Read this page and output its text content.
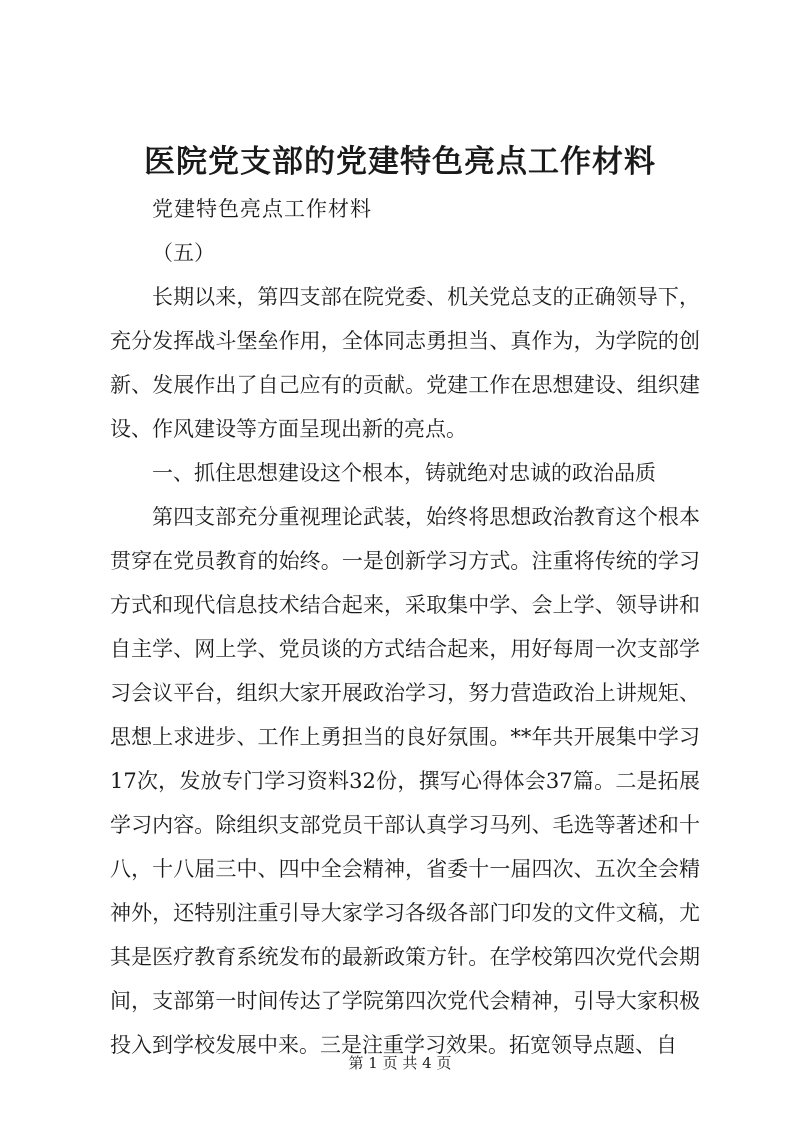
医院党支部的党建特色亮点工作材料

党建特色亮点工作材料

（五）

长期以来，第四支部在院党委、机关党总支的正确领导下，充分发挥战斗堡垒作用，全体同志勇担当、真作为，为学院的创新、发展作出了自己应有的贡献。党建工作在思想建设、组织建设、作风建设等方面呈现出新的亮点。

一、抓住思想建设这个根本，铸就绝对忠诚的政治品质

第四支部充分重视理论武装，始终将思想政治教育这个根本贯穿在党员教育的始终。一是创新学习方式。注重将传统的学习方式和现代信息技术结合起来，采取集中学、会上学、领导讲和自主学、网上学、党员谈的方式结合起来，用好每周一次支部学习会议平台，组织大家开展政治学习，努力营造政治上讲规矩、思想上求进步、工作上勇担当的良好氛围。**年共开展集中学习17次，发放专门学习资料32份，撰写心得体会37篇。二是拓展学习内容。除组织支部党员干部认真学习马列、毛选等著述和十八，十八届三中、四中全会精神，省委十一届四次、五次全会精神外，还特别注重引导大家学习各级各部门印发的文件文稿，尤其是医疗教育系统发布的最新政策方针。在学校第四次党代会期间，支部第一时间传达了学院第四次党代会精神，引导大家积极投入到学校发展中来。三是注重学习效果。拓宽领导点题、自

第 1 页 共 4 页
